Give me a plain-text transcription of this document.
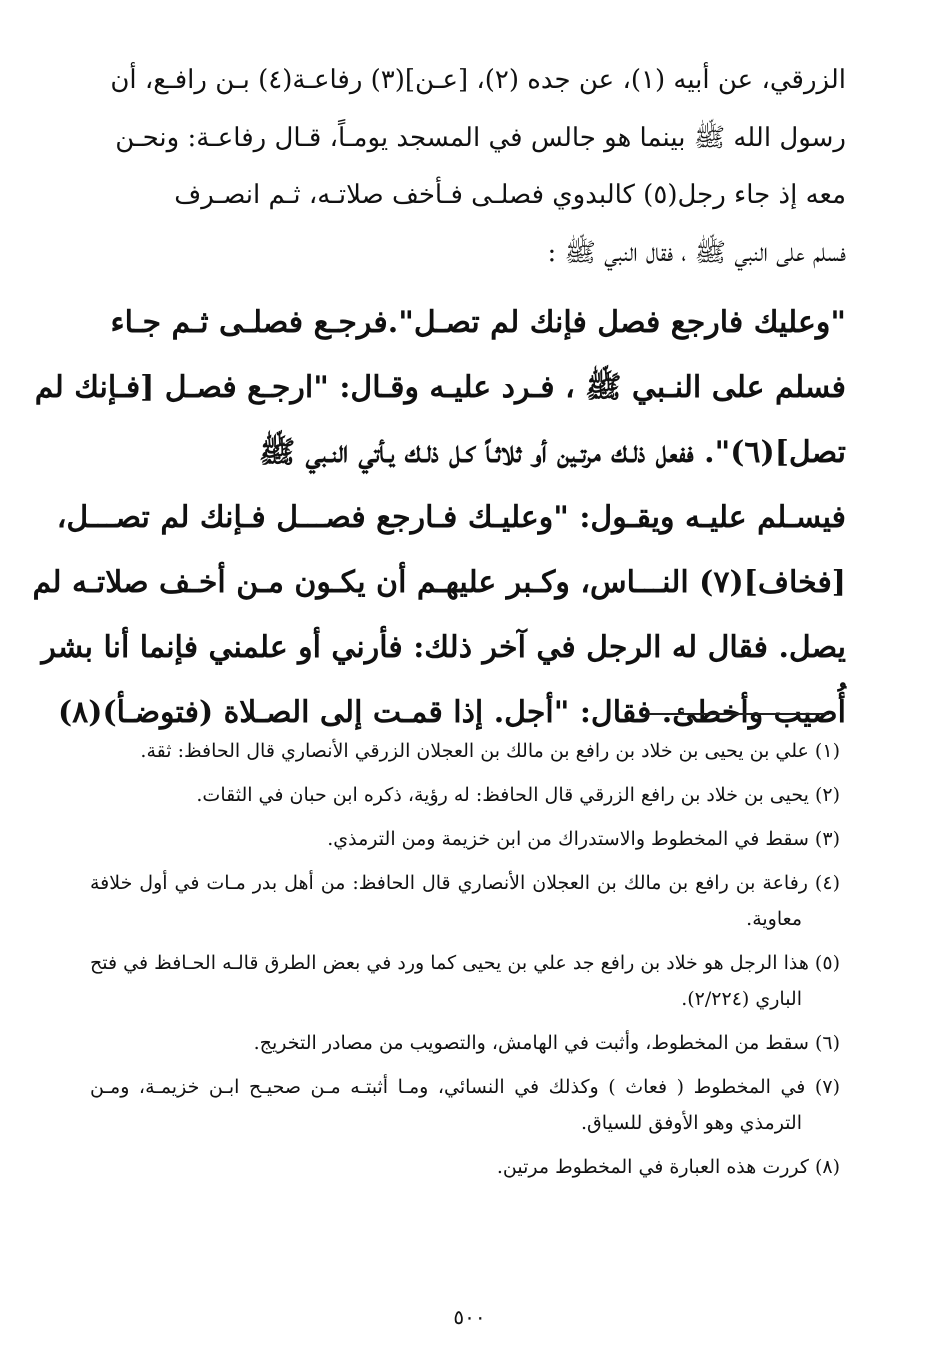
الزرقي، عن أبيه (١)، عن جده (٢)، [عـن](٣) رفاعـة(٤) بـن رافـع، أن
رسول الله ﷺ بينما هو جالس في المسجد يومـاً، قـال رفاعـة: ونحـن
معه إذ جاء رجل(٥) كالبدوي فصلـى فـأخف صلاتـه، ثـم انصـرف
فسلم على النبي ﷺ ، فقال النبي ﷺ :
"وعليك فارجع فصل فإنك لم تصـل".فرجـع فصلـى ثـم جـاء
فسلم على النـبي ﷺ ، فـرد عليـه وقـال: "ارجـع فصـل [فـإنك لم
تصل](٦)". ففعل ذلـك مرتـين أو ثلاثـاً كـل ذلـك يـأتي النـبي ﷺ
فيسـلم عليـه ويقـول: "وعليـك فـارجع فصـــل فـإنك لم تصـــل،
[فخاف](٧) النـــاس، وكـبر عليهـم أن يكـون مـن أخـف صلاتـه لم
يصل. فقال له الرجل في آخر ذلك: فأرني أو علمني فإنما أنا بشر
أُصيب وأخطئ. فقال: "أجل. إذا قمـت إلى الصـلاة (فتوضـأ)(٨)

(١) علي بن يحيى بن خلاد بن رافع بن مالك بن العجلان الزرقي الأنصاري قال الحافظ: ثقة.

(٢) يحيى بن خلاد بن رافع الزرقي قال الحافظ: له رؤية، ذكره ابن حبان في الثقات.

(٣) سقط في المخطوط والاستدراك من ابن خزيمة ومن الترمذي.

(٤) رفاعة بن رافع بن مالك بن العجلان الأنصاري قال الحافظ: من أهل بدر مـات في أول خلافة معاوية.

(٥) هذا الرجل هو خلاد بن رافع جد علي بن يحيى كما ورد في بعض الطرق قالـه الحـافظ في فتح الباري (٢/٢٢٤).

(٦) سقط من المخطوط، وأثبت في الهامش، والتصويب من مصادر التخريج.

(٧) في المخطوط ( فعاث ) وكذلك في النسائي، ومـا أثبتـه مـن صحيـح ابـن خزيمـة، ومـن الترمذي وهو الأوفق للسياق.

(٨) كررت هذه العبارة في المخطوط مرتين.

٥٠٠
